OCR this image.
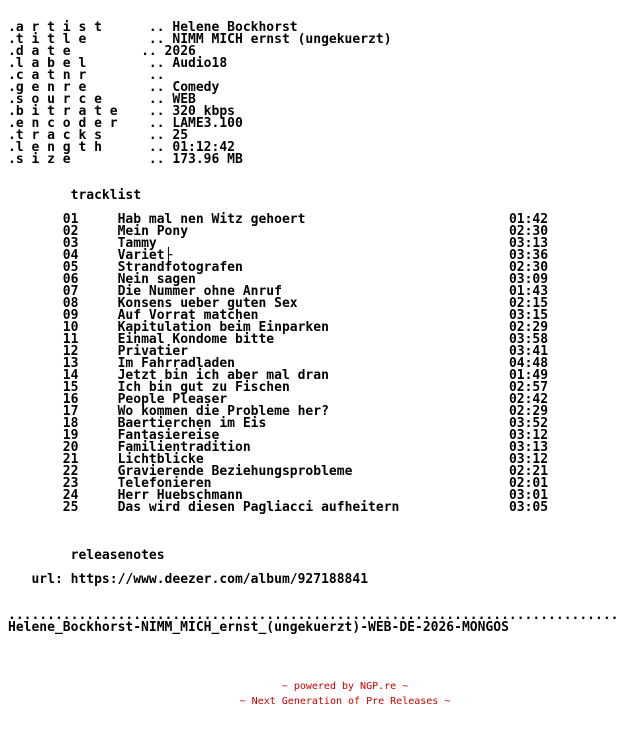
.a r t i s t      .. Helene Bockhorst
.t i t l e        .. NIMM MICH ernst (ungekuerzt)
.d a t e         .. 2026
.l a b e l        .. Audio18
.c a t n r        ..
.g e n r e        .. Comedy
.s o u r c e      .. WEB
.b i t r a t e    .. 320 kbps
.e n c o d e r    .. LAME3.100
.t r a c k s      .. 25
.l e n g t h      .. 01:12:42
.s i z e          .. 173.96 MB

tracklist

01	Hab mal nen Witz gehoert	01:42
02	Mein Pony	02:30
03	Tammy	03:13
04	Variet├	03:36
05	Strandfotografen	02:30
06	Nein sagen	03:09
07	Die Nummer ohne Anruf	01:43
08	Konsens ueber guten Sex	02:15
09	Auf Vorrat matchen	03:15
10	Kapitulation beim Einparken	02:29
11	Einmal Kondome bitte	03:58
12	Privatier	03:41
13	Im Fahrradladen	04:48
14	Jetzt bin ich aber mal dran	01:49
15	Ich bin gut zu Fischen	02:57
16	People Pleaser	02:42
17	Wo kommen die Probleme her?	02:29
18	Baertierchen im Eis	03:52
19	Fantasiereise	03:12
20	Familientradition	03:13
21	Lichtblicke	03:12
22	Gravierende Beziehungsprobleme	02:21
23	Telefonieren	02:01
24	Herr Huebschmann	03:01
25	Das wird diesen Pagliacci aufheitern	03:05

releasenotes

url: https://www.deezer.com/album/927188841

..............................................................................
Helene_Bockhorst-NIMM_MICH_ernst_(ungekuerzt)-WEB-DE-2026-MONGOS
~ powered by NGP.re ~
~ Next Generation of Pre Releases ~
